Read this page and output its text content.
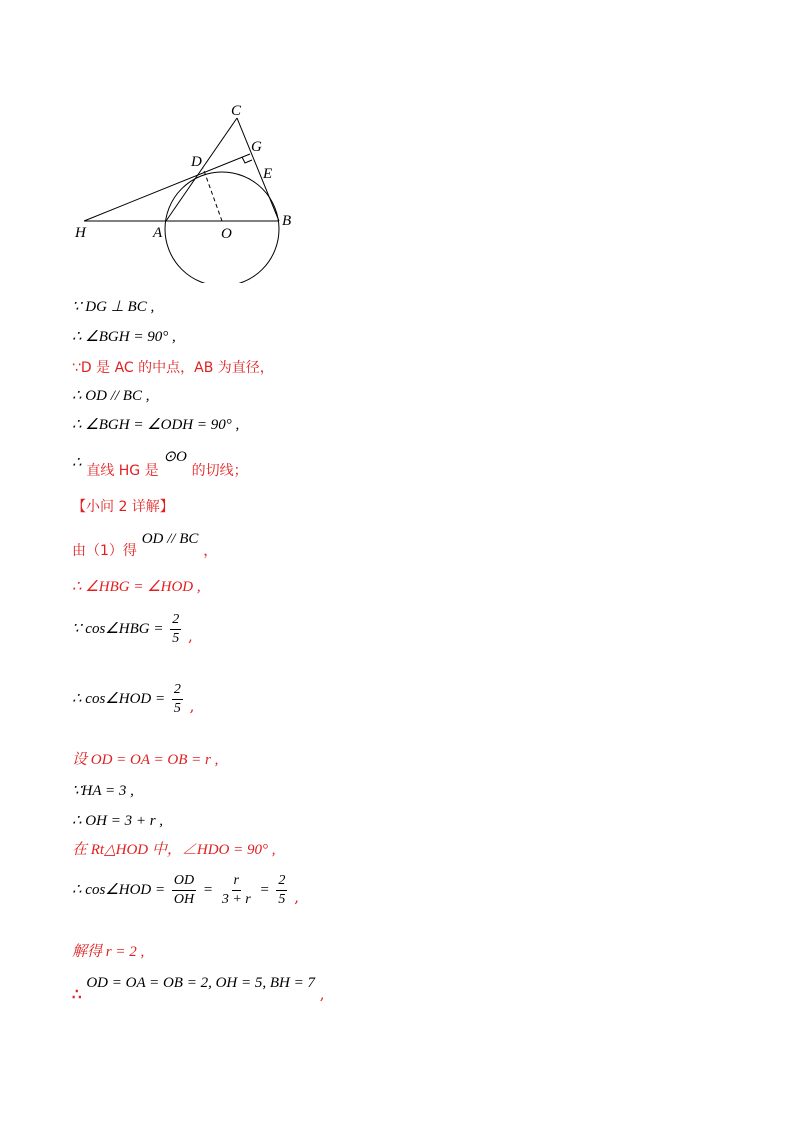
C
G
D
E
H	A	O
B
∵ DG ⊥ BC ,
∴ ∠BGH = 90° ,
∵D 是 AC 的中点，AB 为直径，
∴ OD // BC ,
∴ ∠BGH = ∠ODH = 90° ,
∴ 直线 HG 是 ⊙O 的切线；
【小问 2 详解】
由（1）得 OD // BC ，
∴ ∠HBG = ∠HOD ,
∵ cos∠HBG = $\frac{2}{5}$ ,
∴ cos∠HOD = $\frac{2}{5}$ ,
设 OD = OA = OB = r ,
∵HA = 3 ,
∴ OH = 3 + r ,
在 Rt△HOD 中，∠HDO = 90° ,
∴ cos∠HOD = $\frac{OD}{OH} = \frac{r}{3 + r} = \frac{2}{5}$ ,
解得 r = 2 ,
∴ OD = OA = OB = 2, OH = 5, BH = 7 ,
